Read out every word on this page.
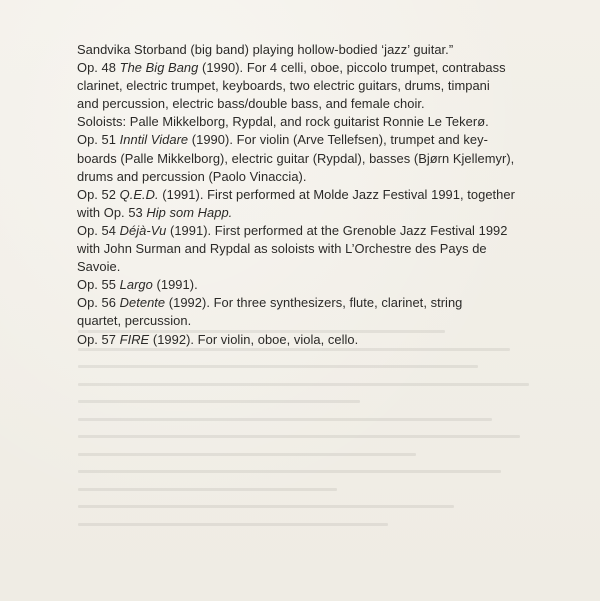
Sandvika Storband (big band) playing hollow-bodied ‘jazz’ guitar.”
Op. 48 The Big Bang (1990). For 4 celli, oboe, piccolo trumpet, contrabass
clarinet, electric trumpet, keyboards, two electric guitars, drums, timpani
and percussion, electric bass/double bass, and female choir.
Soloists: Palle Mikkelborg, Rypdal, and rock guitarist Ronnie Le Tekerø.
Op. 51 Inntil Vidare (1990). For violin (Arve Tellefsen), trumpet and key-
boards (Palle Mikkelborg), electric guitar (Rypdal), basses (Bjørn Kjellemyr),
drums and percussion (Paolo Vinaccia).
Op. 52 Q.E.D. (1991). First performed at Molde Jazz Festival 1991, together
with Op. 53 Hip som Happ.
Op. 54 Déjà-Vu (1991). First performed at the Grenoble Jazz Festival 1992
with John Surman and Rypdal as soloists with L’Orchestre des Pays de
Savoie.
Op. 55 Largo (1991).
Op. 56 Detente (1992). For three synthesizers, flute, clarinet, string
quartet, percussion.
Op. 57 FIRE (1992). For violin, oboe, viola, cello.
